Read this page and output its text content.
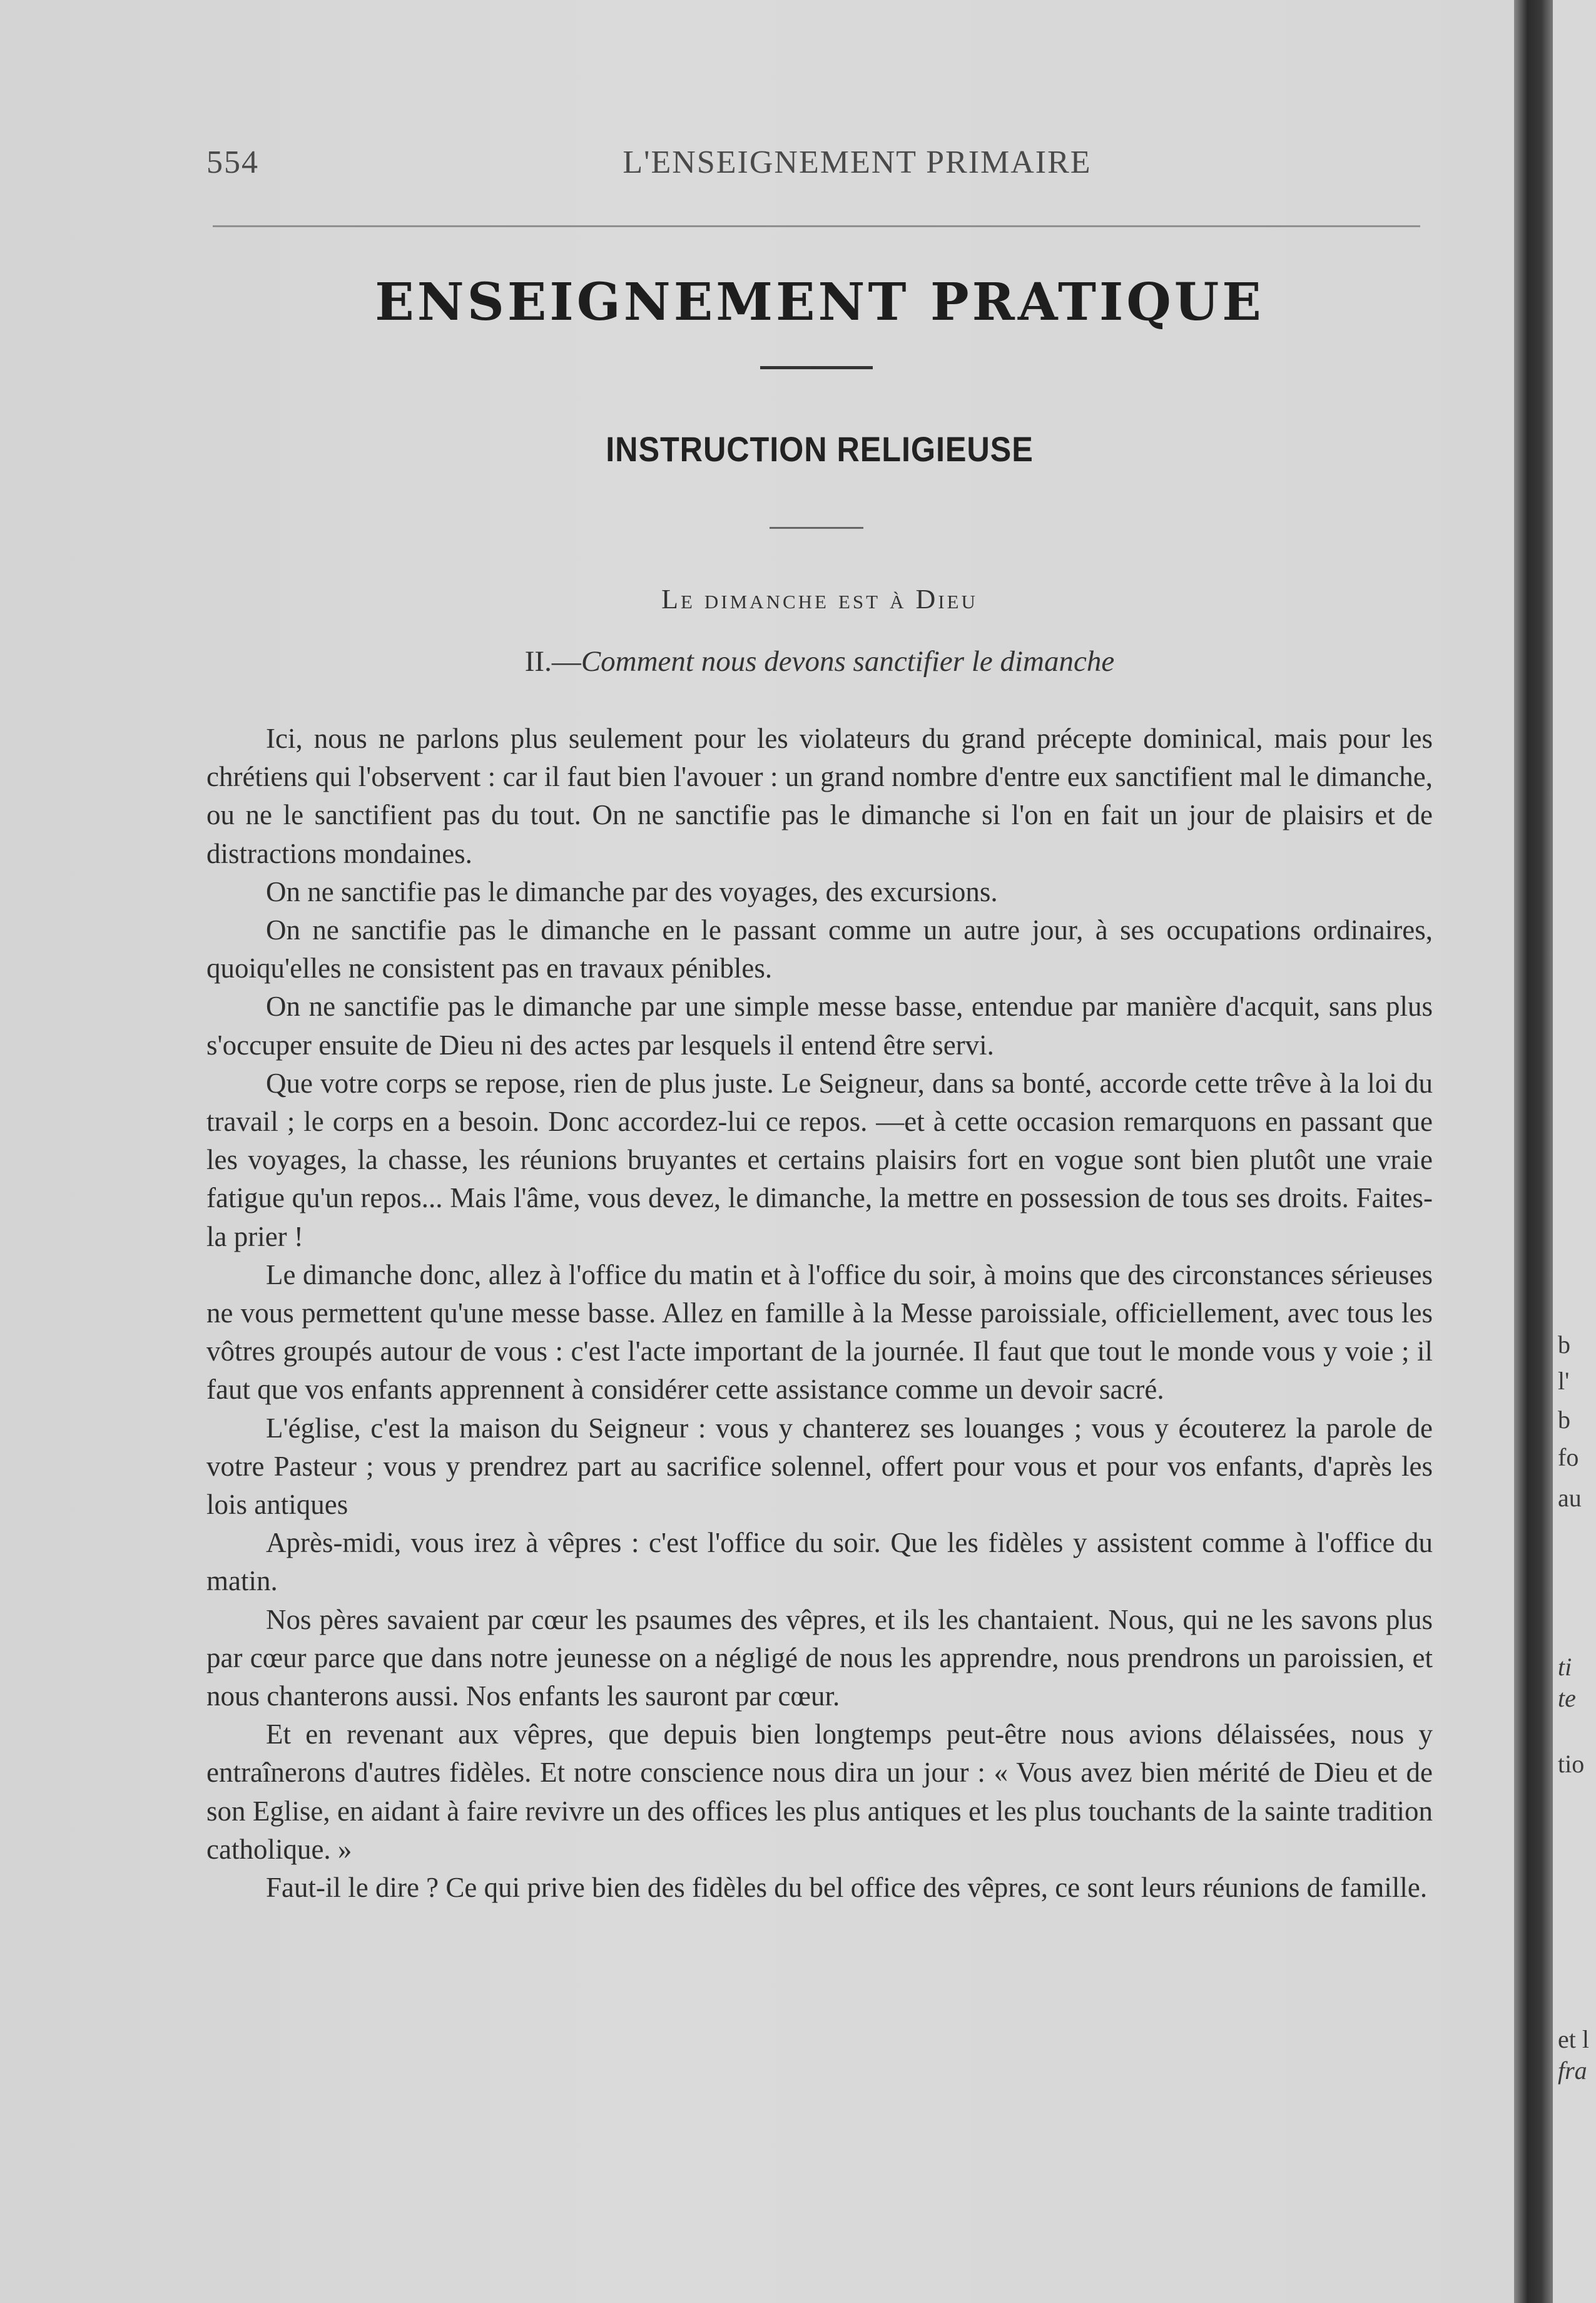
b
l'
b
fo
au
ti
te
tio
et l
fra
554	L'ENSEIGNEMENT PRIMAIRE
ENSEIGNEMENT PRATIQUE
INSTRUCTION RELIGIEUSE
Le dimanche est à Dieu
II.—Comment nous devons sanctifier le dimanche

Ici, nous ne parlons plus seulement pour les violateurs du grand précepte dominical, mais pour les chrétiens qui l'observent : car il faut bien l'avouer : un grand nombre d'entre eux sanctifient mal le dimanche, ou ne le sanctifient pas du tout. On ne sanctifie pas le dimanche si l'on en fait un jour de plaisirs et de distractions mondaines.

On ne sanctifie pas le dimanche par des voyages, des excursions.

On ne sanctifie pas le dimanche en le passant comme un autre jour, à ses occupations ordinaires, quoiqu'elles ne consistent pas en travaux pénibles.

On ne sanctifie pas le dimanche par une simple messe basse, entendue par manière d'acquit, sans plus s'occuper ensuite de Dieu ni des actes par lesquels il entend être servi.

Que votre corps se repose, rien de plus juste. Le Seigneur, dans sa bonté, accorde cette trêve à la loi du travail ; le corps en a besoin. Donc accordez-lui ce repos. —et à cette occasion remarquons en passant que les voyages, la chasse, les réunions bruyantes et certains plaisirs fort en vogue sont bien plutôt une vraie fatigue qu'un repos... Mais l'âme, vous devez, le dimanche, la mettre en possession de tous ses droits. Faites-la prier !

Le dimanche donc, allez à l'office du matin et à l'office du soir, à moins que des circonstances sérieuses ne vous permettent qu'une messe basse. Allez en famille à la Messe paroissiale, officiellement, avec tous les vôtres groupés autour de vous : c'est l'acte important de la journée. Il faut que tout le monde vous y voie ; il faut que vos enfants apprennent à considérer cette assistance comme un devoir sacré.

L'église, c'est la maison du Seigneur : vous y chanterez ses louanges ; vous y écouterez la parole de votre Pasteur ; vous y prendrez part au sacrifice solennel, offert pour vous et pour vos enfants, d'après les lois antiques

Après-midi, vous irez à vêpres : c'est l'office du soir. Que les fidèles y assistent comme à l'office du matin.

Nos pères savaient par cœur les psaumes des vêpres, et ils les chantaient. Nous, qui ne les savons plus par cœur parce que dans notre jeunesse on a négligé de nous les apprendre, nous prendrons un paroissien, et nous chanterons aussi. Nos enfants les sauront par cœur.

Et en revenant aux vêpres, que depuis bien longtemps peut-être nous avions délaissées, nous y entraînerons d'autres fidèles. Et notre conscience nous dira un jour : « Vous avez bien mérité de Dieu et de son Eglise, en aidant à faire revivre un des offices les plus antiques et les plus touchants de la sainte tradition catholique. »

Faut-il le dire ? Ce qui prive bien des fidèles du bel office des vêpres, ce sont leurs réunions de famille.
